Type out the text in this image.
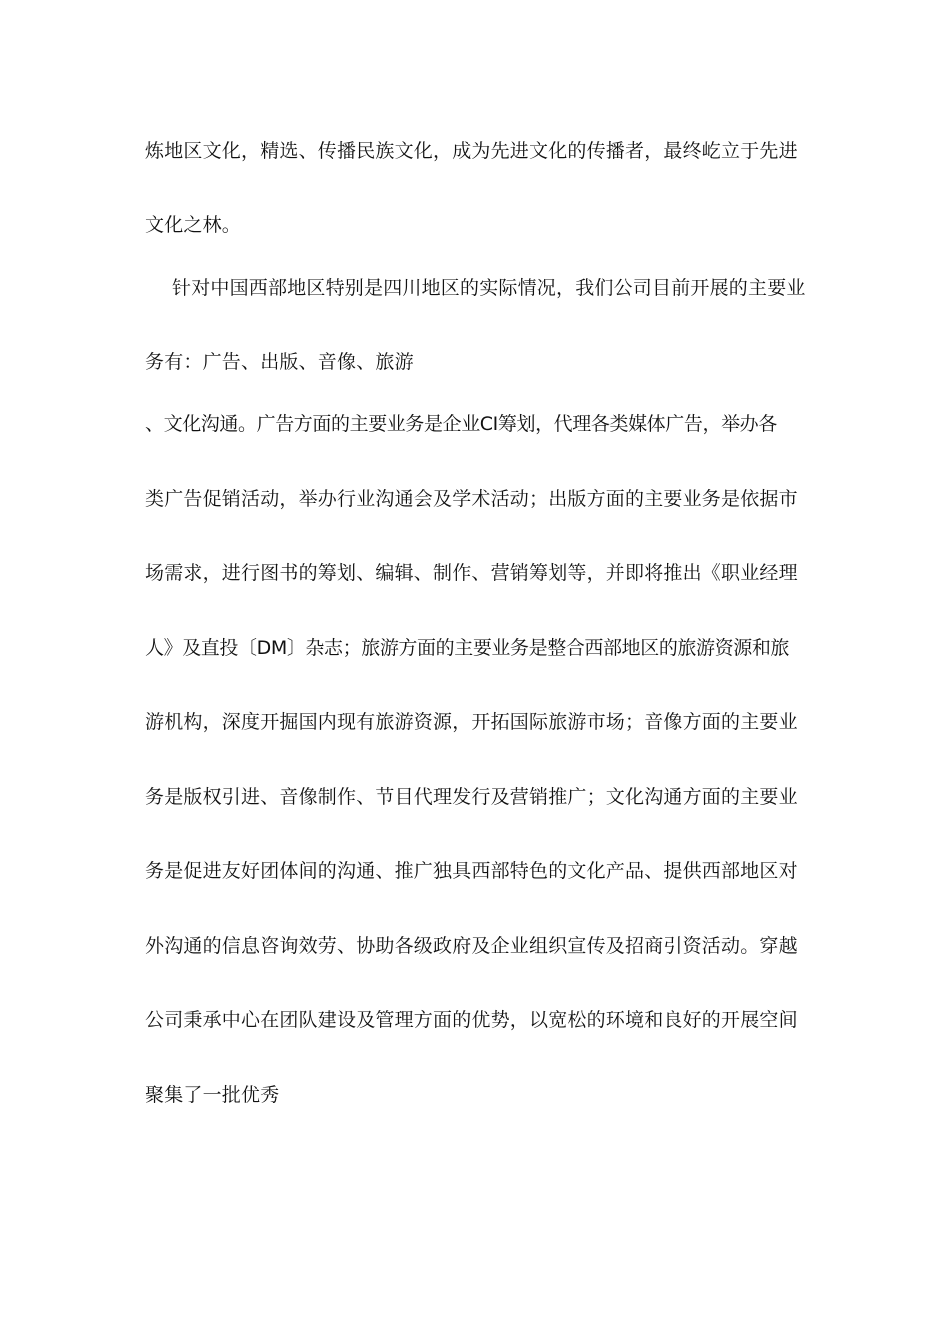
炼地区文化，精选、传播民族文化，成为先进文化的传播者，最终屹立于先进
文化之林。
针对中国西部地区特别是四川地区的实际情况，我们公司目前开展的主要业
务有：广告、出版、音像、旅游
、文化沟通。广告方面的主要业务是企业CI筹划，代理各类媒体广告，举办各
类广告促销活动，举办行业沟通会及学术活动；出版方面的主要业务是依据市
场需求，进行图书的筹划、编辑、制作、营销筹划等，并即将推出《职业经理
人》及直投〔DM〕杂志；旅游方面的主要业务是整合西部地区的旅游资源和旅
游机构，深度开掘国内现有旅游资源，开拓国际旅游市场；音像方面的主要业
务是版权引进、音像制作、节目代理发行及营销推广；文化沟通方面的主要业
务是促进友好团体间的沟通、推广独具西部特色的文化产品、提供西部地区对
外沟通的信息咨询效劳、协助各级政府及企业组织宣传及招商引资活动。穿越
公司秉承中心在团队建设及管理方面的优势，以宽松的环境和良好的开展空间
聚集了一批优秀
